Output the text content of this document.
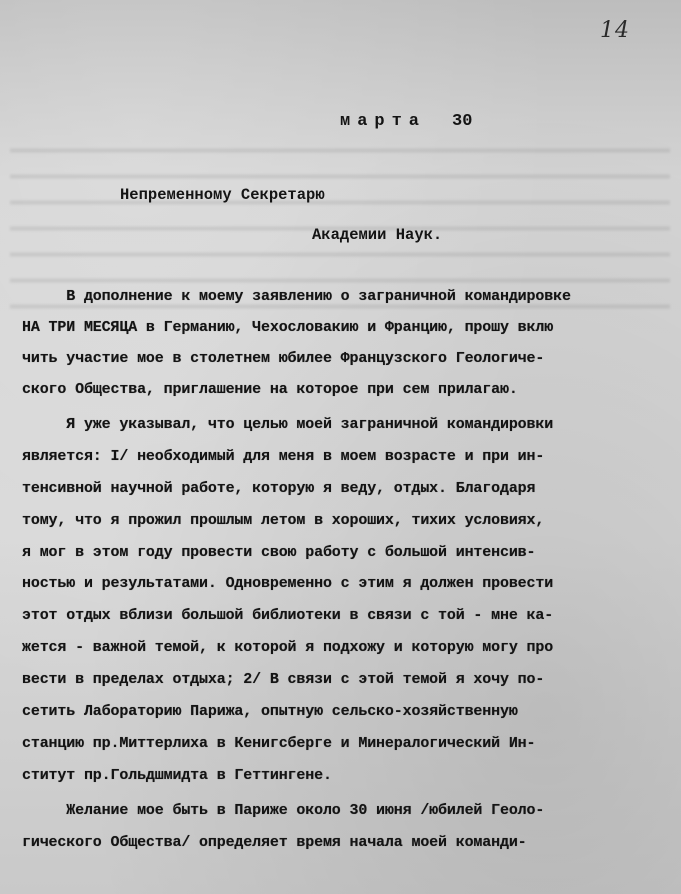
14
марта 30
Непременному Секретарю
Академии Наук.
В дополнение к моему заявлению о заграничной командировке
НА ТРИ МЕСЯЦА в Германию, Чехословакию и Францию, прошу вклю
чить участие мое в столетнем юбилее Французского Геологиче-
ского Общества, приглашение на которое при сем прилагаю.
Я уже указывал, что целью моей заграничной командировки
является: I/ необходимый для меня в моем возрасте и при ин-
тенсивной научной работе, которую я веду, отдых. Благодаря
тому, что я прожил прошлым летом в хороших, тихих условиях,
я мог в этом году провести свою работу с большой интенсив-
ностью и результатами. Одновременно с этим я должен провести
этот отдых вблизи большой библиотеки в связи с той - мне ка-
жется - важной темой, к которой я подхожу и которую могу про
вести в пределах отдыха; 2/ В связи с этой темой я хочу по-
сетить Лабораторию Парижа, опытную сельско-хозяйственную
станцию пр.Миттерлиха в Кенигсберге и Минералогический Ин-
ститут пр.Гольдшмидта в Геттингене.
Желание мое быть в Париже около 30 июня /юбилей Геоло-
гического Общества/ определяет время начала моей команди-
